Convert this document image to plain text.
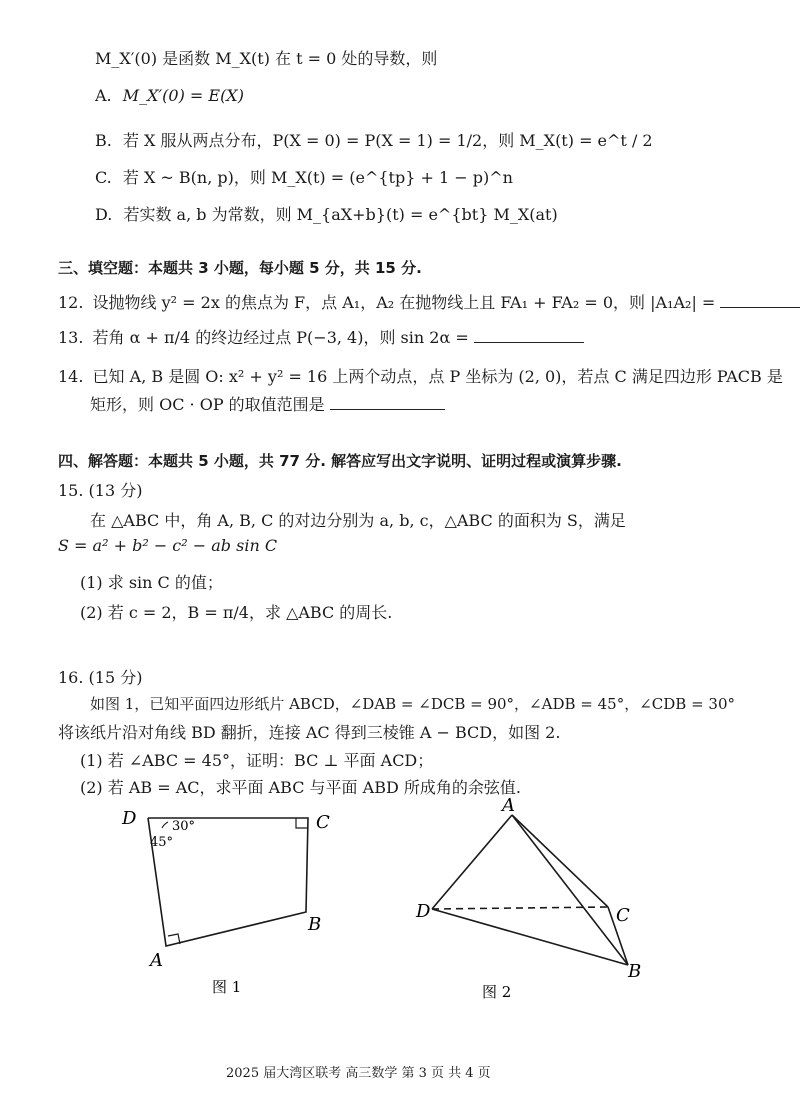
M_X′(0) 是函数 M_X(t) 在 t = 0 处的导数，则
A. M_X′(0) = E(X)
B. 若 X 服从两点分布，P(X = 0) = P(X = 1) = 1/2，则 M_X(t) = e^t / 2
C. 若 X ~ B(n, p)，则 M_X(t) = (e^{tp} + 1 − p)^n
D. 若实数 a, b 为常数，则 M_{aX+b}(t) = e^{bt} M_X(at)
三、填空题：本题共 3 小题，每小题 5 分，共 15 分.
12. 设抛物线 y² = 2x 的焦点为 F，点 A₁，A₂ 在抛物线上且 FA₁ + FA₂ = 0，则 |A₁A₂| =
13. 若角 α + π/4 的终边经过点 P(−3, 4)，则 sin 2α =
14. 已知 A, B 是圆 O: x² + y² = 16 上两个动点，点 P 坐标为 (2, 0)，若点 C 满足四边形 PACB 是
矩形，则 OC · OP 的取值范围是
四、解答题：本题共 5 小题，共 77 分. 解答应写出文字说明、证明过程或演算步骤.
15. (13 分)
在 △ABC 中，角 A, B, C 的对边分别为 a, b, c，△ABC 的面积为 S，满足
S = a² + b² − c² − ab sin C
(1) 求 sin C 的值；
(2) 若 c = 2，B = π/4，求 △ABC 的周长.
16. (15 分)
如图 1，已知平面四边形纸片 ABCD，∠DAB = ∠DCB = 90°，∠ADB = 45°，∠CDB = 30°
将该纸片沿对角线 BD 翻折，连接 AC 得到三棱锥 A − BCD，如图 2.
(1) 若 ∠ABC = 45°，证明：BC ⊥ 平面 ACD；
(2) 若 AB = AC，求平面 ABC 与平面 ABD 所成角的余弦值.
D	C
B
A
30°
45°
图 1
A
D	C
B
图 2
2025 届大湾区联考 高三数学 第 3 页 共 4 页
